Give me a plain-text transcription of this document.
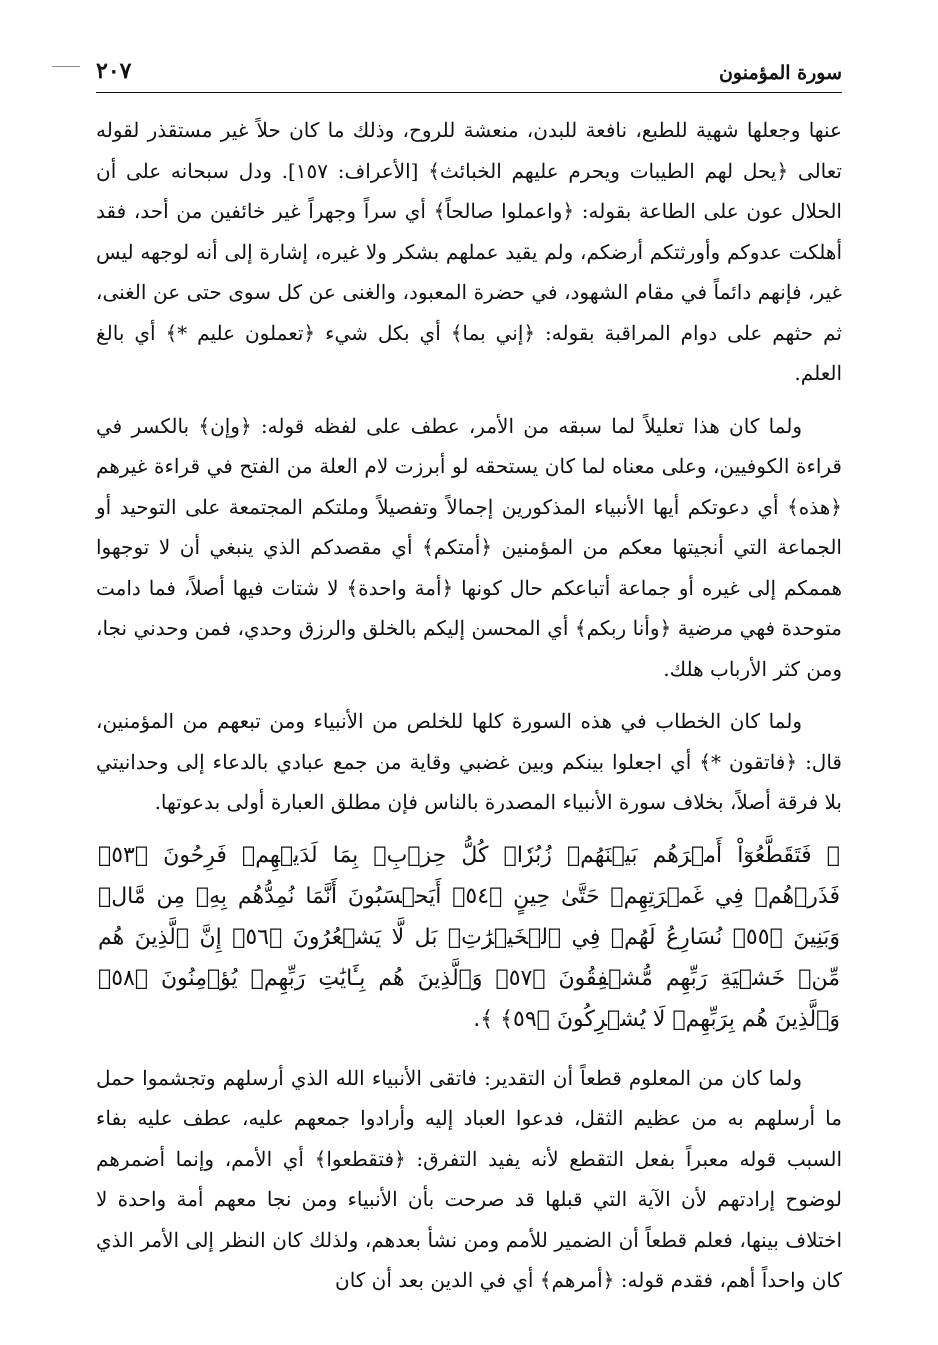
٢٠٧	سورة المؤمنون

عنها وجعلها شهية للطبع، نافعة للبدن، منعشة للروح، وذلك ما كان حلاً غير مستقذر لقوله تعالى ﴿يحل لهم الطيبات ويحرم عليهم الخبائث﴾ [الأعراف: ١٥٧]. ودل سبحانه على أن الحلال عون على الطاعة بقوله: ﴿واعملوا صالحاً﴾ أي سراً وجهراً غير خائفين من أحد، فقد أهلكت عدوكم وأورثتكم أرضكم، ولم يقيد عملهم بشكر ولا غيره، إشارة إلى أنه لوجهه ليس غير، فإنهم دائماً في مقام الشهود، في حضرة المعبود، والغنى عن كل سوى حتى عن الغنى، ثم حثهم على دوام المراقبة بقوله: ﴿إني بما﴾ أي بكل شيء ﴿تعملون عليم *﴾ أي بالغ العلم.

ولما كان هذا تعليلاً لما سبقه من الأمر، عطف على لفظه قوله: ﴿وإن﴾ بالكسر في قراءة الكوفيين، وعلى معناه لما كان يستحقه لو أبرزت لام العلة من الفتح في قراءة غيرهم ﴿هذه﴾ أي دعوتكم أيها الأنبياء المذكورين إجمالاً وتفصيلاً وملتكم المجتمعة على التوحيد أو الجماعة التي أنجيتها معكم من المؤمنين ﴿أمتكم﴾ أي مقصدكم الذي ينبغي أن لا توجهوا هممكم إلى غيره أو جماعة أتباعكم حال كونها ﴿أمة واحدة﴾ لا شتات فيها أصلاً، فما دامت متوحدة فهي مرضية ﴿وأنا ربكم﴾ أي المحسن إليكم بالخلق والرزق وحدي، فمن وحدني نجا، ومن كثر الأرباب هلك.

ولما كان الخطاب في هذه السورة كلها للخلص من الأنبياء ومن تبعهم من المؤمنين، قال: ﴿فاتقون *﴾ أي اجعلوا بينكم وبين غضبي وقاية من جمع عبادي بالدعاء إلى وحدانيتي بلا فرقة أصلاً، بخلاف سورة الأنبياء المصدرة بالناس فإن مطلق العبارة أولى بدعوتها.

﴿ فَتَقَطَّعُوٓاْ أَمۡرَهُم بَيۡنَهُمۡ زُبُرٗاۖ كُلُّ حِزۡبِۭ بِمَا لَدَيۡهِمۡ فَرِحُونَ ﴿٥٣﴾ فَذَرۡهُمۡ فِي غَمۡرَتِهِمۡ حَتَّىٰ حِينٍ ﴿٥٤﴾ أَيَحۡسَبُونَ أَنَّمَا نُمِدُّهُم بِهِۦ مِن مَّالٖ وَبَنِينَ ﴿٥٥﴾ نُسَارِعُ لَهُمۡ فِي ٱلۡخَيۡرَٰتِۚ بَل لَّا يَشۡعُرُونَ ﴿٥٦﴾ إِنَّ ٱلَّذِينَ هُم مِّنۡ خَشۡيَةِ رَبِّهِم مُّشۡفِقُونَ ﴿٥٧﴾ وَٱلَّذِينَ هُم بِـَٔايَٰتِ رَبِّهِمۡ يُؤۡمِنُونَ ﴿٥٨﴾ وَٱلَّذِينَ هُم بِرَبِّهِمۡ لَا يُشۡرِكُونَ ﴿٥٩﴾ ﴾.

ولما كان من المعلوم قطعاً أن التقدير: فاتقى الأنبياء الله الذي أرسلهم وتجشموا حمل ما أرسلهم به من عظيم الثقل، فدعوا العباد إليه وأرادوا جمعهم عليه، عطف عليه بفاء السبب قوله معبراً بفعل التقطع لأنه يفيد التفرق: ﴿فتقطعوا﴾ أي الأمم، وإنما أضمرهم لوضوح إرادتهم لأن الآية التي قبلها قد صرحت بأن الأنبياء ومن نجا معهم أمة واحدة لا اختلاف بينها، فعلم قطعاً أن الضمير للأمم ومن نشأ بعدهم، ولذلك كان النظر إلى الأمر الذي كان واحداً أهم، فقدم قوله: ﴿أمرهم﴾ أي في الدين بعد أن كان
